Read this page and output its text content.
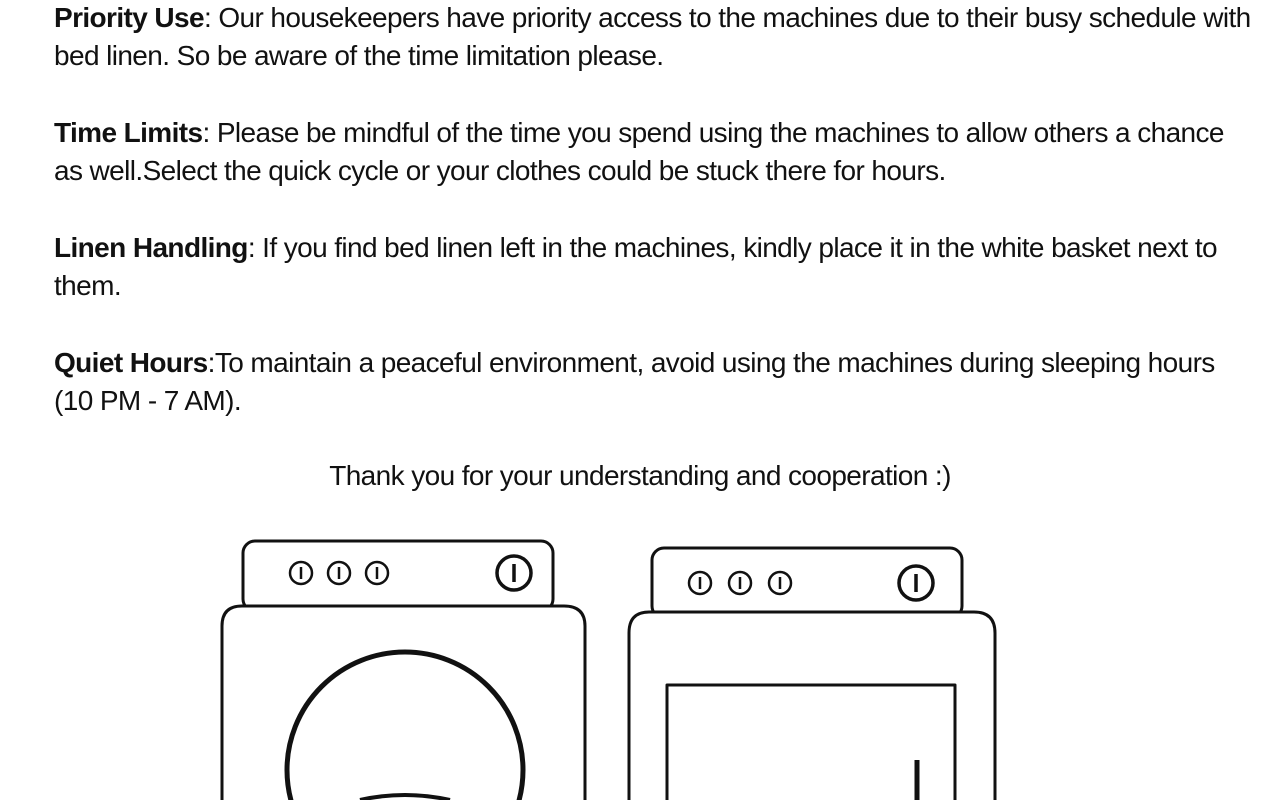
Priority Use: Our housekeepers have priority access to the machines due to their busy schedule with bed linen. So be aware of the time limitation please.

Time Limits: Please be mindful of the time you spend using the machines to allow others a chance as well.Select the quick cycle or your clothes could be stuck there for hours.

Linen Handling: If you find bed linen left in the machines, kindly place it in the white basket next to them.

Quiet Hours:To maintain a peaceful environment, avoid using the machines during sleeping hours (10 PM - 7 AM).

Thank you for your understanding and cooperation :)
